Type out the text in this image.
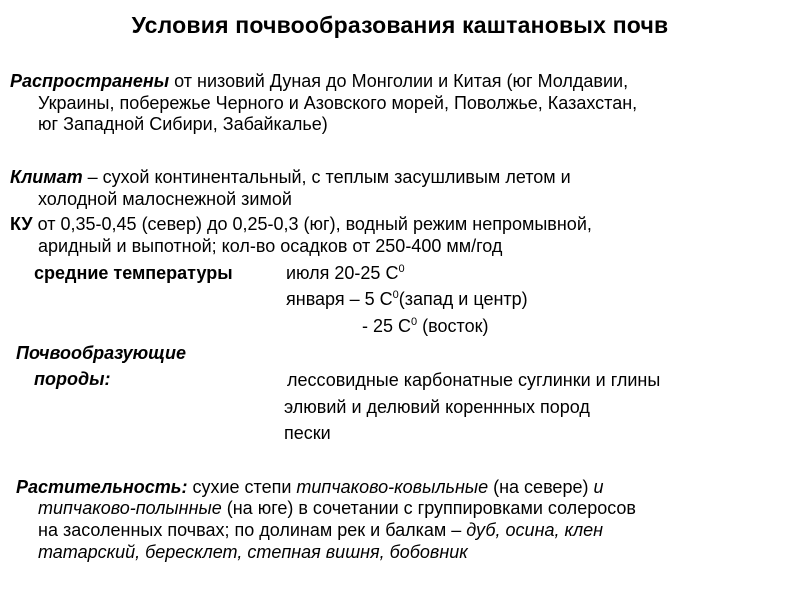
Условия почвообразования каштановых почв
Распространены от низовий Дуная до Монголии и Китая (юг Молдавии,
Украины, побережье Черного и Азовского морей, Поволжье, Казахстан,
юг Западной Сибири, Забайкалье)
Климат – сухой континентальный, с теплым засушливым летом и
холодной малоснежной зимой
КУ от 0,35-0,45 (север) до 0,25-0,3 (юг), водный режим непромывной,
аридный и выпотной; кол-во осадков от 250-400 мм/год
средние температуры	июля 20-25 $С^0$
января – 5 $С^0(запад$ и центр)
- 25 $С^0$ (восток)
Почвообразующие
породы:	лессовидные карбонатные суглинки и глины
элювий и делювий кореннных пород
пески
Растительность: сухие степи типчаково-ковыльные (на севере) и
типчаково-полынные (на юге) в сочетании с группировками солеросов
на засоленных почвах; по долинам рек и балкам – дуб, осина, клен
татарский, бересклет, степная вишня, бобовник
